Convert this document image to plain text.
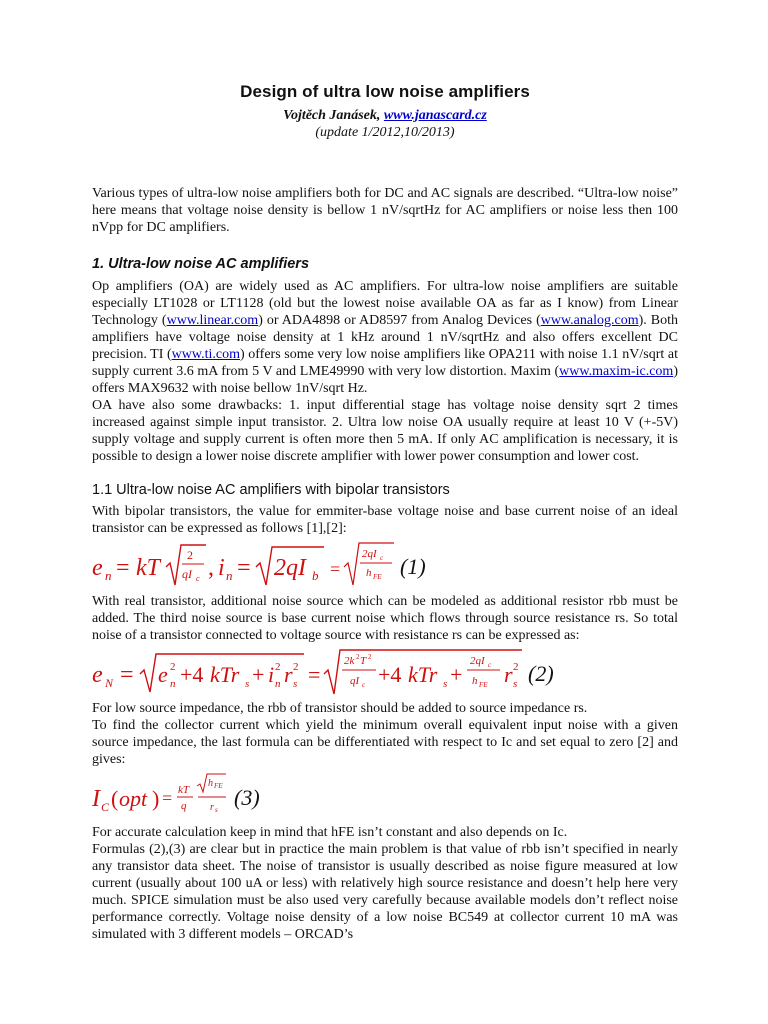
Design of ultra low noise amplifiers
Vojtěch Janásek, www.janascard.cz
(update 1/2012,10/2013)

Various types of ultra-low noise amplifiers both for DC and AC signals are described. “Ultra-low noise” here means that voltage noise density is bellow 1 nV/sqrtHz for AC amplifiers or noise less then 100 nVpp for DC amplifiers.

1. Ultra-low noise AC amplifiers

Op amplifiers (OA) are widely used as AC amplifiers. For ultra-low noise amplifiers are suitable especially LT1028 or LT1128 (old but the lowest noise available OA as far as I know) from Linear Technology (www.linear.com) or ADA4898 or AD8597 from Analog Devices (www.analog.com). Both amplifiers have voltage noise density at 1 kHz around 1 nV/sqrtHz and also offers excellent DC precision. TI (www.ti.com) offers some very low noise amplifiers like OPA211 with noise 1.1 nV/sqrt at supply current 3.6 mA from 5 V and LME49990 with very low distortion. Maxim (www.maxim-ic.com) offers MAX9632 with noise bellow 1nV/sqrt Hz.

OA have also some drawbacks: 1. input differential stage has voltage noise density sqrt 2 times increased against simple input transistor. 2. Ultra low noise OA usually require at least 10 V (+-5V) supply voltage and supply current is often more then 5 mA. If only AC amplification is necessary, it is possible to design a lower noise discrete amplifier with lower power consumption and lower cost.

1.1 Ultra-low noise AC amplifiers with bipolar transistors

With bipolar transistors, the value for emmiter-base voltage noise and base current noise of an ideal transistor can be expressed as follows [1],[2]:

e n = kT 2
qI c , i n = 2qI b =
2qI c
h FE (1)

With real transistor, additional noise source which can be modeled as additional resistor rbb must be added. The third noise source is base current noise which flows through source resistance rs. So total noise of a transistor connected to voltage source with resistance rs can be expressed as:

e N = e 2
n +4 kTr s + i 2
n r 2
s =
2k 2 T 2
qI c +4 kTr s +
2qI c
h FE r 2
s (2)

For low source impedance, the rbb of transistor should be added to source impedance rs.

To find the collector current which yield the minimum overall equivalent input noise with a given source impedance, the last formula can be differentiated with respect to Ic and set equal to zero [2] and gives:

I C ( opt ) = kT
q
h FE
r s (3)

For accurate calculation keep in mind that hFE isn’t constant and also depends on Ic.

Formulas (2),(3) are clear but in practice the main problem is that value of rbb isn’t specified in nearly any transistor data sheet. The noise of transistor is usually described as noise figure measured at low current (usually about 100 uA or less) with relatively high source resistance and doesn’t help here very much. SPICE simulation must be also used very carefully because available models don’t reflect noise performance correctly. Voltage noise density of a low noise BC549 at collector current 10 mA was simulated with 3 different models – ORCAD’s
